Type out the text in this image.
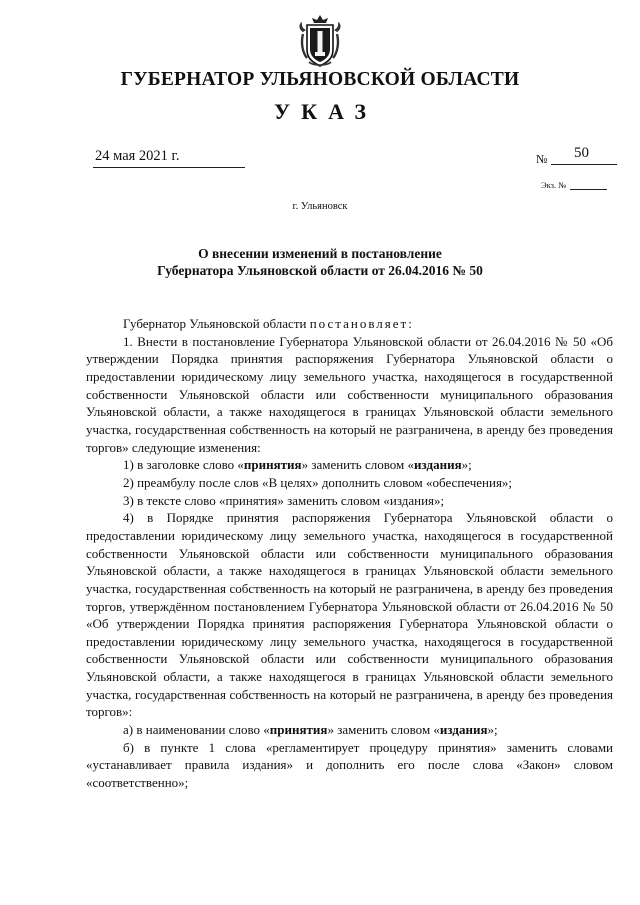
ГУБЕРНАТОР УЛЬЯНОВСКОЙ ОБЛАСТИ
УКАЗ
24 мая 2021 г.	№ 50
Экз. №
г. Ульяновск
О внесении изменений в постановление
Губернатора Ульяновской области от 26.04.2016 № 50

Губернатор Ульяновской области постановляет:

1. Внести в постановление Губернатора Ульяновской области от 26.04.2016 № 50 «Об утверждении Порядка принятия распоряжения Губернатора Ульяновской области о предоставлении юридическому лицу земельного участка, находящегося в государственной собственности Ульяновской области или собственности муниципального образования Ульяновской области, а также находящегося в границах Ульяновской области земельного участка, государственная собственность на который не разграничена, в аренду без проведения торгов» следующие изменения:

1) в заголовке слово «принятия» заменить словом «издания»;

2) преамбулу после слов «В целях» дополнить словом «обеспечения»;

3) в тексте слово «принятия» заменить словом «издания»;

4) в Порядке принятия распоряжения Губернатора Ульяновской области о предоставлении юридическому лицу земельного участка, находящегося в государственной собственности Ульяновской области или собственности муниципального образования Ульяновской области, а также находящегося в границах Ульяновской области земельного участка, государственная собственность на который не разграничена, в аренду без проведения торгов, утверждённом постановлением Губернатора Ульяновской области от 26.04.2016 № 50 «Об утверждении Порядка принятия распоряжения Губернатора Ульяновской области о предоставлении юридическому лицу земельного участка, находящегося в государственной собственности Ульяновской области или собственности муниципального образования Ульяновской области, а также находящегося в границах Ульяновской области земельного участка, государственная собственность на который не разграничена, в аренду без проведения торгов»:

а) в наименовании слово «принятия» заменить словом «издания»;

б) в пункте 1 слова «регламентирует процедуру принятия» заменить словами «устанавливает правила издания» и дополнить его после слова «Закон» словом «соответственно»;
